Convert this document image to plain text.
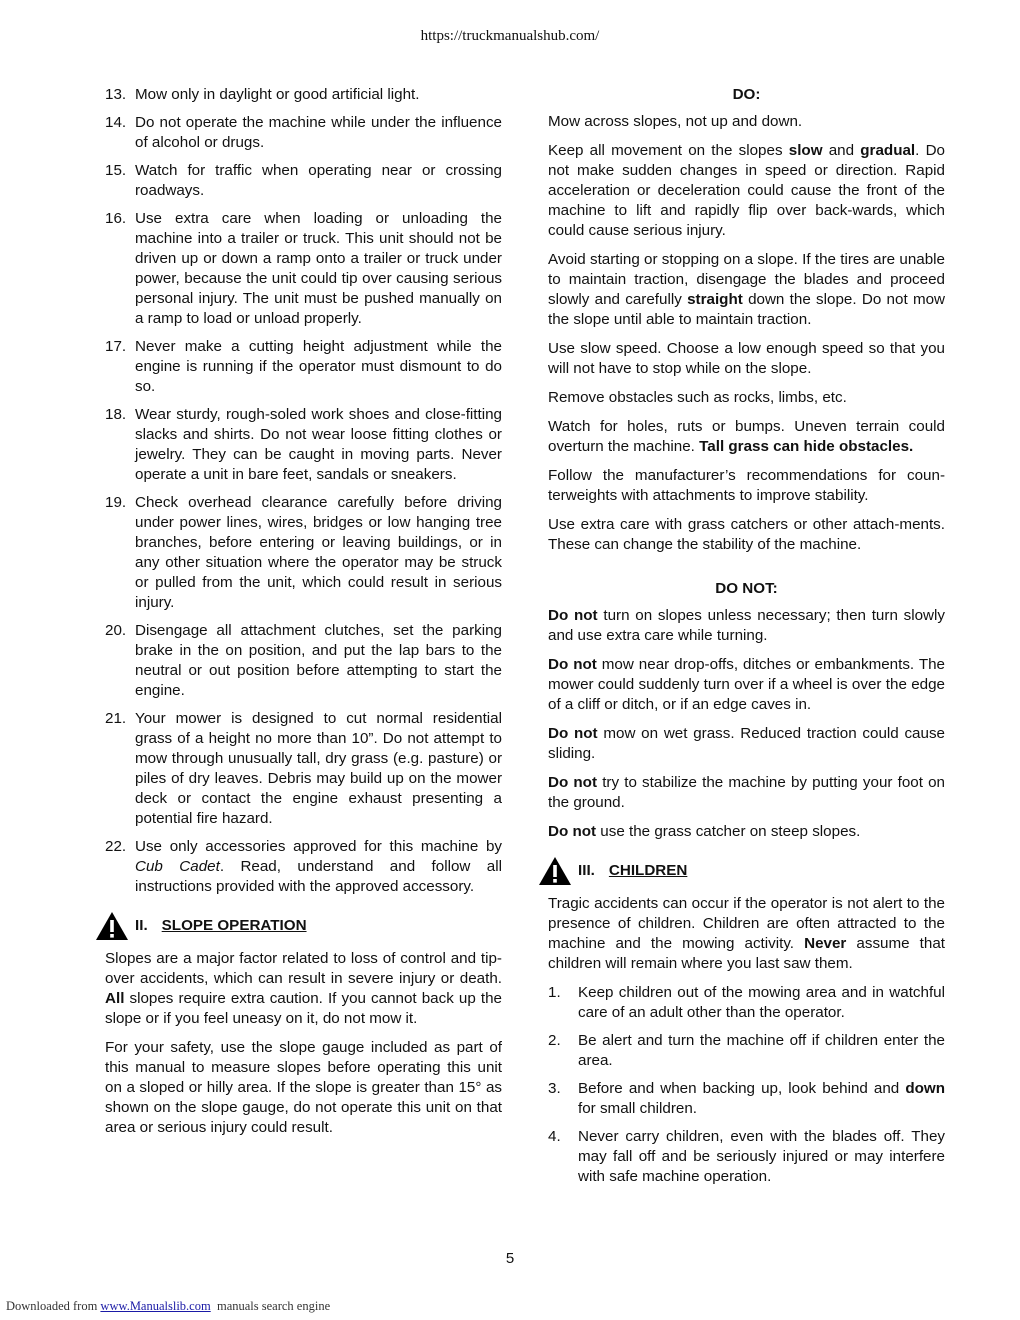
https://truckmanualshub.com/
13. Mow only in daylight or good artificial light.
14. Do not operate the machine while under the influence of alcohol or drugs.
15. Watch for traffic when operating near or crossing roadways.
16. Use extra care when loading or unloading the machine into a trailer or truck. This unit should not be driven up or down a ramp onto a trailer or truck under power, because the unit could tip over causing serious personal injury. The unit must be pushed manually on a ramp to load or unload properly.
17. Never make a cutting height adjustment while the engine is running if the operator must dismount to do so.
18. Wear sturdy, rough-soled work shoes and close-fitting slacks and shirts. Do not wear loose fitting clothes or jewelry. They can be caught in moving parts. Never operate a unit in bare feet, sandals or sneakers.
19. Check overhead clearance carefully before driving under power lines, wires, bridges or low hanging tree branches, before entering or leaving buildings, or in any other situation where the operator may be struck or pulled from the unit, which could result in serious injury.
20. Disengage all attachment clutches, set the parking brake in the on position, and put the lap bars to the neutral or out position before attempting to start the engine.
21. Your mower is designed to cut normal residential grass of a height no more than 10”. Do not attempt to mow through unusually tall, dry grass (e.g. pasture) or piles of dry leaves. Debris may build up on the mower deck or contact the engine exhaust presenting a potential fire hazard.
22. Use only accessories approved for this machine by Cub Cadet. Read, understand and follow all instructions provided with the approved accessory.
II. SLOPE OPERATION

Slopes are a major factor related to loss of control and tip-over accidents, which can result in severe injury or death. All slopes require extra caution. If you cannot back up the slope or if you feel uneasy on it, do not mow it.

For your safety, use the slope gauge included as part of this manual to measure slopes before operating this unit on a sloped or hilly area. If the slope is greater than 15° as shown on the slope gauge, do not operate this unit on that area or serious injury could result.

DO:

Mow across slopes, not up and down.

Keep all movement on the slopes slow and gradual. Do not make sudden changes in speed or direction. Rapid acceleration or deceleration could cause the front of the machine to lift and rapidly flip over back-wards, which could cause serious injury.

Avoid starting or stopping on a slope. If the tires are unable to maintain traction, disengage the blades and proceed slowly and carefully straight down the slope. Do not mow the slope until able to maintain traction.

Use slow speed. Choose a low enough speed so that you will not have to stop while on the slope.

Remove obstacles such as rocks, limbs, etc.

Watch for holes, ruts or bumps. Uneven terrain could overturn the machine. Tall grass can hide obstacles.

Follow the manufacturer’s recommendations for coun-terweights with attachments to improve stability.

Use extra care with grass catchers or other attach-ments. These can change the stability of the machine.

DO NOT:

Do not turn on slopes unless necessary; then turn slowly and use extra care while turning.

Do not mow near drop-offs, ditches or embankments. The mower could suddenly turn over if a wheel is over the edge of a cliff or ditch, or if an edge caves in.

Do not mow on wet grass. Reduced traction could cause sliding.

Do not try to stabilize the machine by putting your foot on the ground.

Do not use the grass catcher on steep slopes.

III. CHILDREN

Tragic accidents can occur if the operator is not alert to the presence of children. Children are often attracted to the machine and the mowing activity. Never assume that children will remain where you last saw them.

1.	Keep children out of the mowing area and in watchful care of an adult other than the operator.
2.	Be alert and turn the machine off if children enter the area.
3.	Before and when backing up, look behind and down for small children.
4.	Never carry children, even with the blades off. They may fall off and be seriously injured or may interfere with safe machine operation.
5
Downloaded from www.Manualslib.com  manuals search engine
